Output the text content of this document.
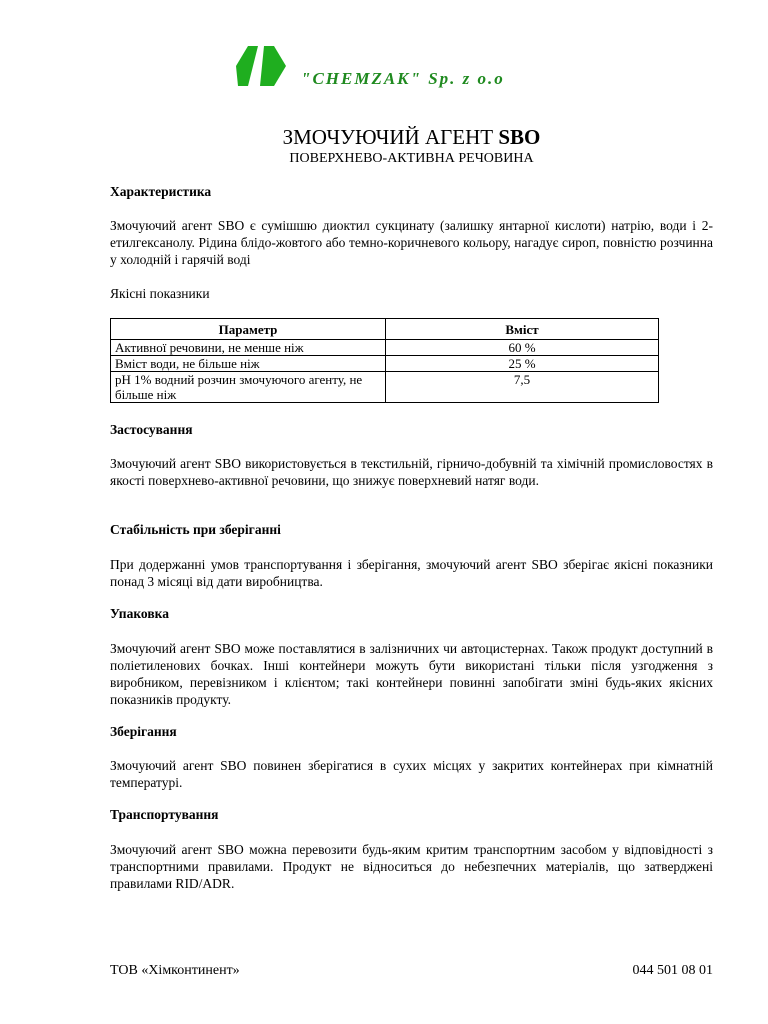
"CHEMZAK" Sp. z o.o
ЗМОЧУЮЧИЙ АГЕНТ SBO
ПОВЕРХНЕВО-АКТИВНА РЕЧОВИНА
Характеристика
Змочуючий агент SBO є сумішшю диоктил сукцинату (залишку янтарної кислоти) натрію, води і 2-етилгексанолу. Рідина блідо-жовтого або темно-коричневого кольору, нагадує сироп, повністю розчинна у холодній і гарячій воді
Якісні показники
Параметр	Вміст
Активної речовини, не менше ніж	60 %
Вміст води, не більше ніж	25 %
pH 1% водний розчин змочуючого агенту, не більше ніж	7,5
Застосування
Змочуючий агент SBO використовується в текстильній, гірничо-добувній та хімічній промисловостях в якості поверхнево-активної речовини, що знижує поверхневий натяг води.
Стабільність при зберіганні
При додержанні умов транспортування і зберігання, змочуючий агент SBO зберігає якісні показники понад 3 місяці від дати виробництва.
Упаковка
Змочуючий агент SBO може поставлятися в залізничних чи автоцистернах. Також продукт доступний в поліетиленових бочках. Інші контейнери можуть бути використані тільки після узгодження з виробником, перевізником і клієнтом; такі контейнери повинні запобігати зміні будь-яких якісних показників продукту.
Зберігання
Змочуючий агент SBO повинен зберігатися в сухих місцях у закритих контейнерах при кімнатній температурі.
Транспортування
Змочуючий агент SBO можна перевозити будь-яким критим транспортним засобом у відповідності з транспортними правилами. Продукт не відноситься до небезпечних матеріалів, що затверджені правилами RID/ADR.
ТОВ «Хімконтинент»	044 501 08 01
